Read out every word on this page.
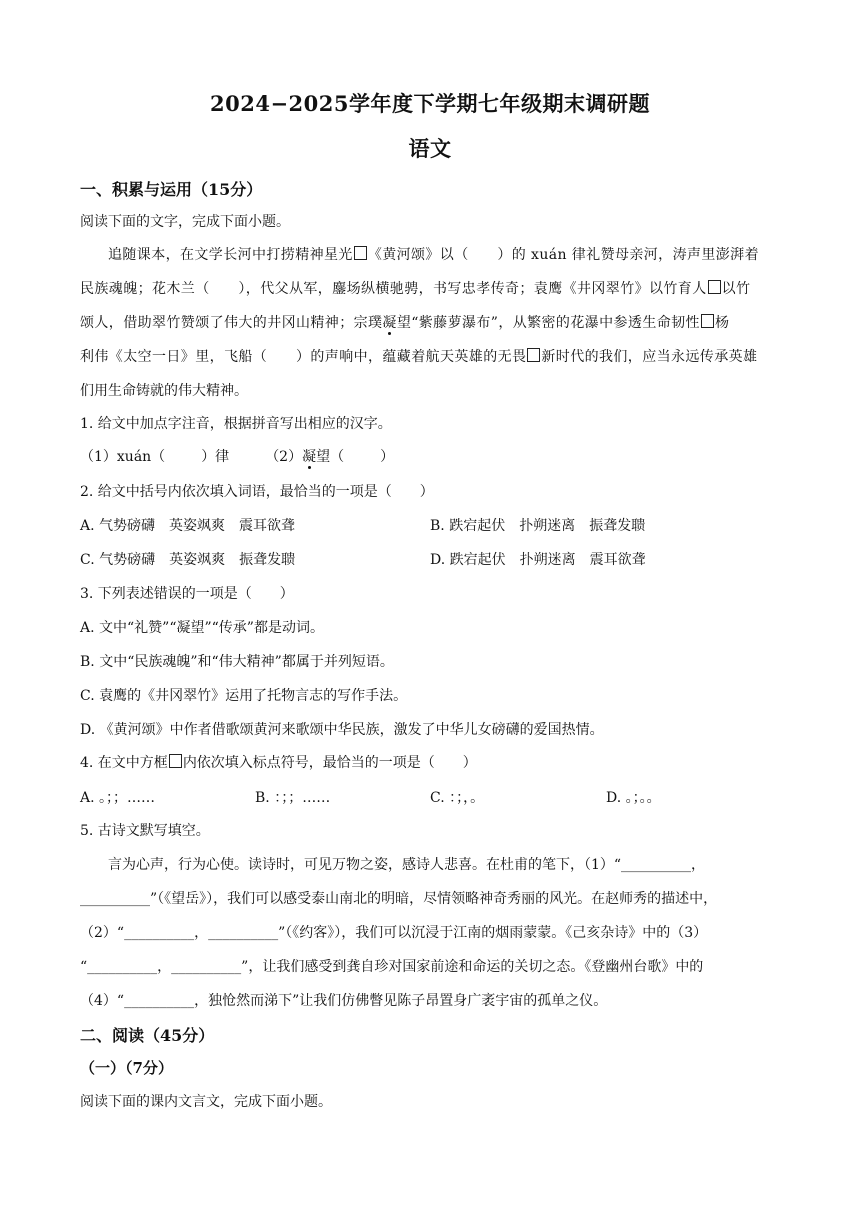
2024−2025学年度下学期七年级期末调研题
语文
一、积累与运用（15分）
阅读下面的文字，完成下面小题。
追随课本，在文学长河中打捞精神星光 《黄河颂》以（　　）的 xuán 律礼赞母亲河，涛声里澎湃着
民族魂魄；花木兰（　　），代父从军，鏖场纵横驰骋，书写忠孝传奇；袁鹰《井冈翠竹》以竹育人 以竹
颂人，借助翠竹赞颂了伟大的井冈山精神；宗璞凝望“紫藤萝瀑布”，从繁密的花瀑中参透生命韧性 杨
利伟《太空一日》里，飞船（　　）的声响中，蕴藏着航天英雄的无畏 新时代的我们，应当永远传承英雄
们用生命铸就的伟大精神。
1. 给文中加点字注音，根据拼音写出相应的汉字。
（1）xuán（	）律	（2）凝望（	）
2. 给文中括号内依次填入词语，最恰当的一项是（　　）
A. 气势磅礴　英姿飒爽　震耳欲聋	B. 跌宕起伏　扑朔迷离　振聋发聩
C. 气势磅礴　英姿飒爽　振聋发聩	D. 跌宕起伏　扑朔迷离　震耳欲聋
3. 下列表述错误的一项是（　　）
A. 文中“礼赞”“凝望”“传承”都是动词。
B. 文中“民族魂魄”和“伟大精神”都属于并列短语。
C. 袁鹰的《井冈翠竹》运用了托物言志的写作手法。
D. 《黄河颂》中作者借歌颂黄河来歌颂中华民族，激发了中华儿女磅礴的爱国热情。
4. 在文中方框 内依次填入标点符号，最恰当的一项是（　　）
A. 。；；……	B. ：；；……	C. ：；，。	D. 。；。。
5. 古诗文默写填空。
言为心声，行为心使。读诗时，可见万物之姿，感诗人悲喜。在杜甫的笔下，（1）“__________，
__________”（《望岳》），我们可以感受泰山南北的明暗，尽情领略神奇秀丽的风光。在赵师秀的描述中，
（2）“__________，__________”（《约客》），我们可以沉浸于江南的烟雨蒙蒙。《己亥杂诗》中的（3）
“__________，__________”，让我们感受到龚自珍对国家前途和命运的关切之态。《登幽州台歌》中的
（4）“__________，独怆然而涕下”让我们仿佛瞥见陈子昂置身广袤宇宙的孤单之仪。
二、阅读（45分）
（一）（7分）
阅读下面的课内文言文，完成下面小题。
